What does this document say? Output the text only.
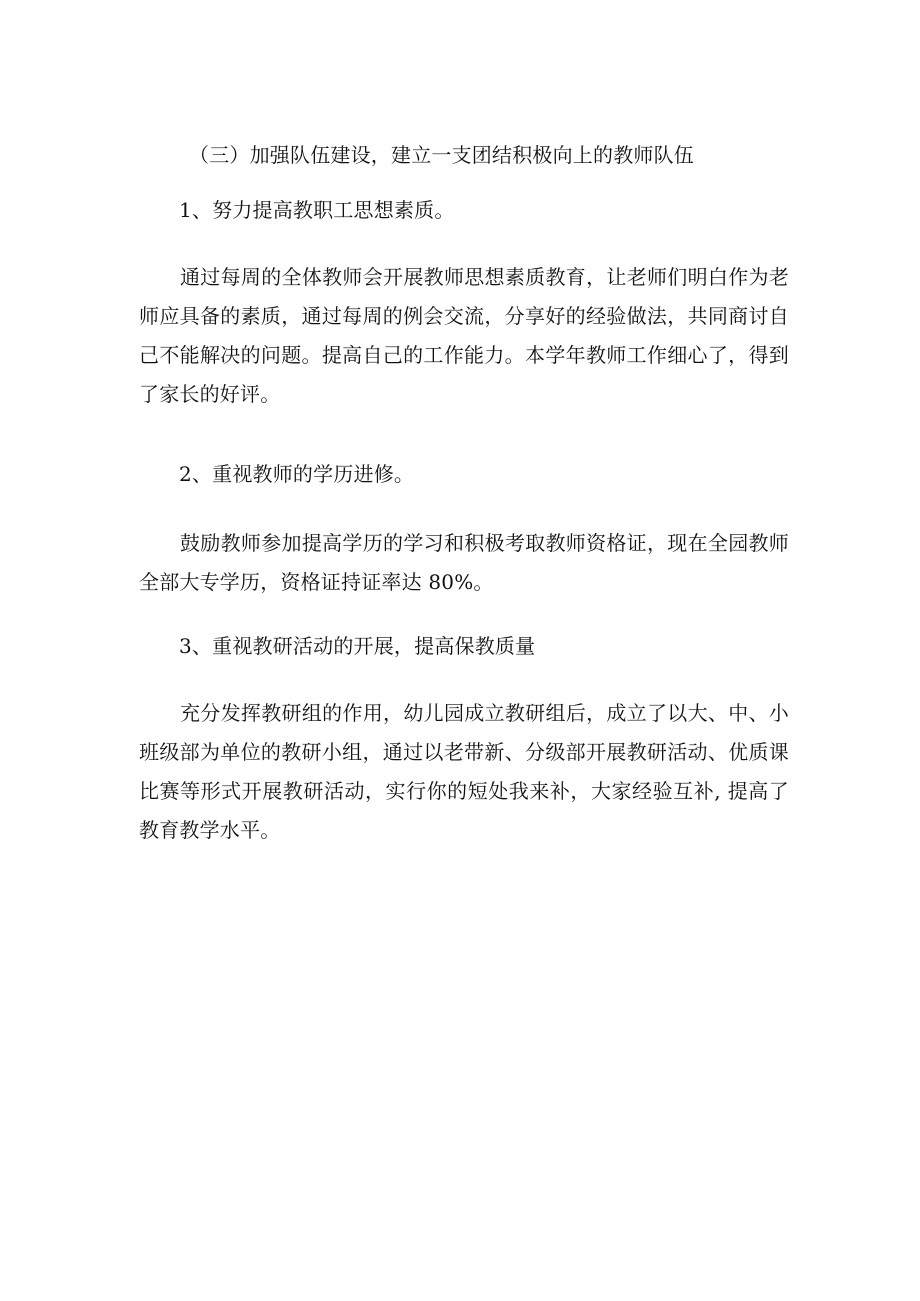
（三）加强队伍建设，建立一支团结积极向上的教师队伍
1、努力提高教职工思想素质。
通过每周的全体教师会开展教师思想素质教育，让老师们明白作为老师应具备的素质，通过每周的例会交流，分享好的经验做法，共同商讨自己不能解决的问题。提高自己的工作能力。本学年教师工作细心了，得到了家长的好评。
2、重视教师的学历进修。
鼓励教师参加提高学历的学习和积极考取教师资格证，现在全园教师全部大专学历，资格证持证率达 80%。
3、重视教研活动的开展，提高保教质量
充分发挥教研组的作用，幼儿园成立教研组后，成立了以大、中、小班级部为单位的教研小组，通过以老带新、分级部开展教研活动、优质课比赛等形式开展教研活动，实行你的短处我来补，大家经验互补, 提高了教育教学水平。
